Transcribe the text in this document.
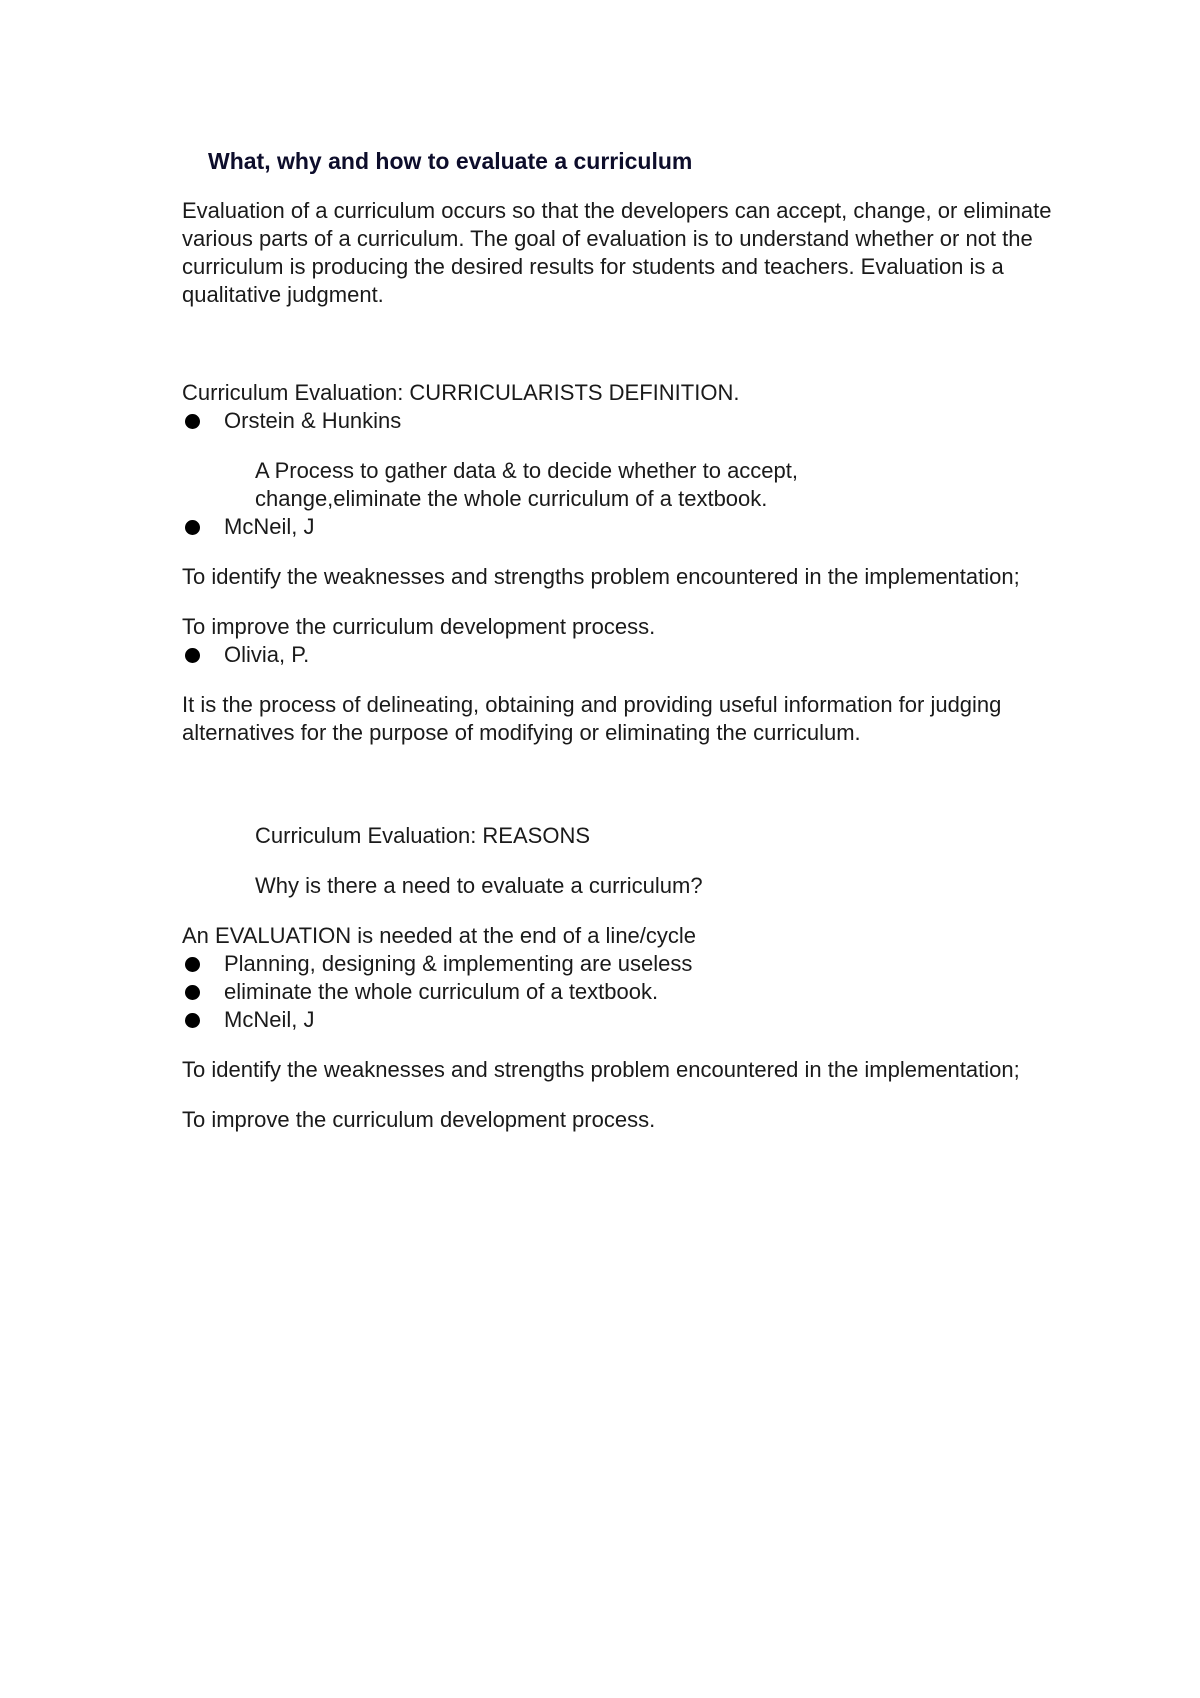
What, why and how to evaluate a curriculum

Evaluation of a curriculum occurs so that the developers can accept, change, or eliminate various parts of a curriculum. The goal of evaluation is to understand whether or not the curriculum is producing the desired results for students and teachers. Evaluation is a qualitative judgment.

Curriculum Evaluation: CURRICULARISTS DEFINITION.

Orstein & Hunkins
A Process to gather data & to decide whether to accept,
change,eliminate the whole curriculum of a textbook.
McNeil, J

To identify the weaknesses and strengths problem encountered in the implementation;

To improve the curriculum development process.

Olivia, P.

It is the process of delineating, obtaining and providing useful information for judging alternatives for the purpose of modifying or eliminating the curriculum.

Curriculum Evaluation: REASONS

Why is there a need to evaluate a curriculum?

An EVALUATION is needed at the end of a line/cycle

Planning, designing & implementing are useless
eliminate the whole curriculum of a textbook.
McNeil, J

To identify the weaknesses and strengths problem encountered in the implementation;

To improve the curriculum development process.
